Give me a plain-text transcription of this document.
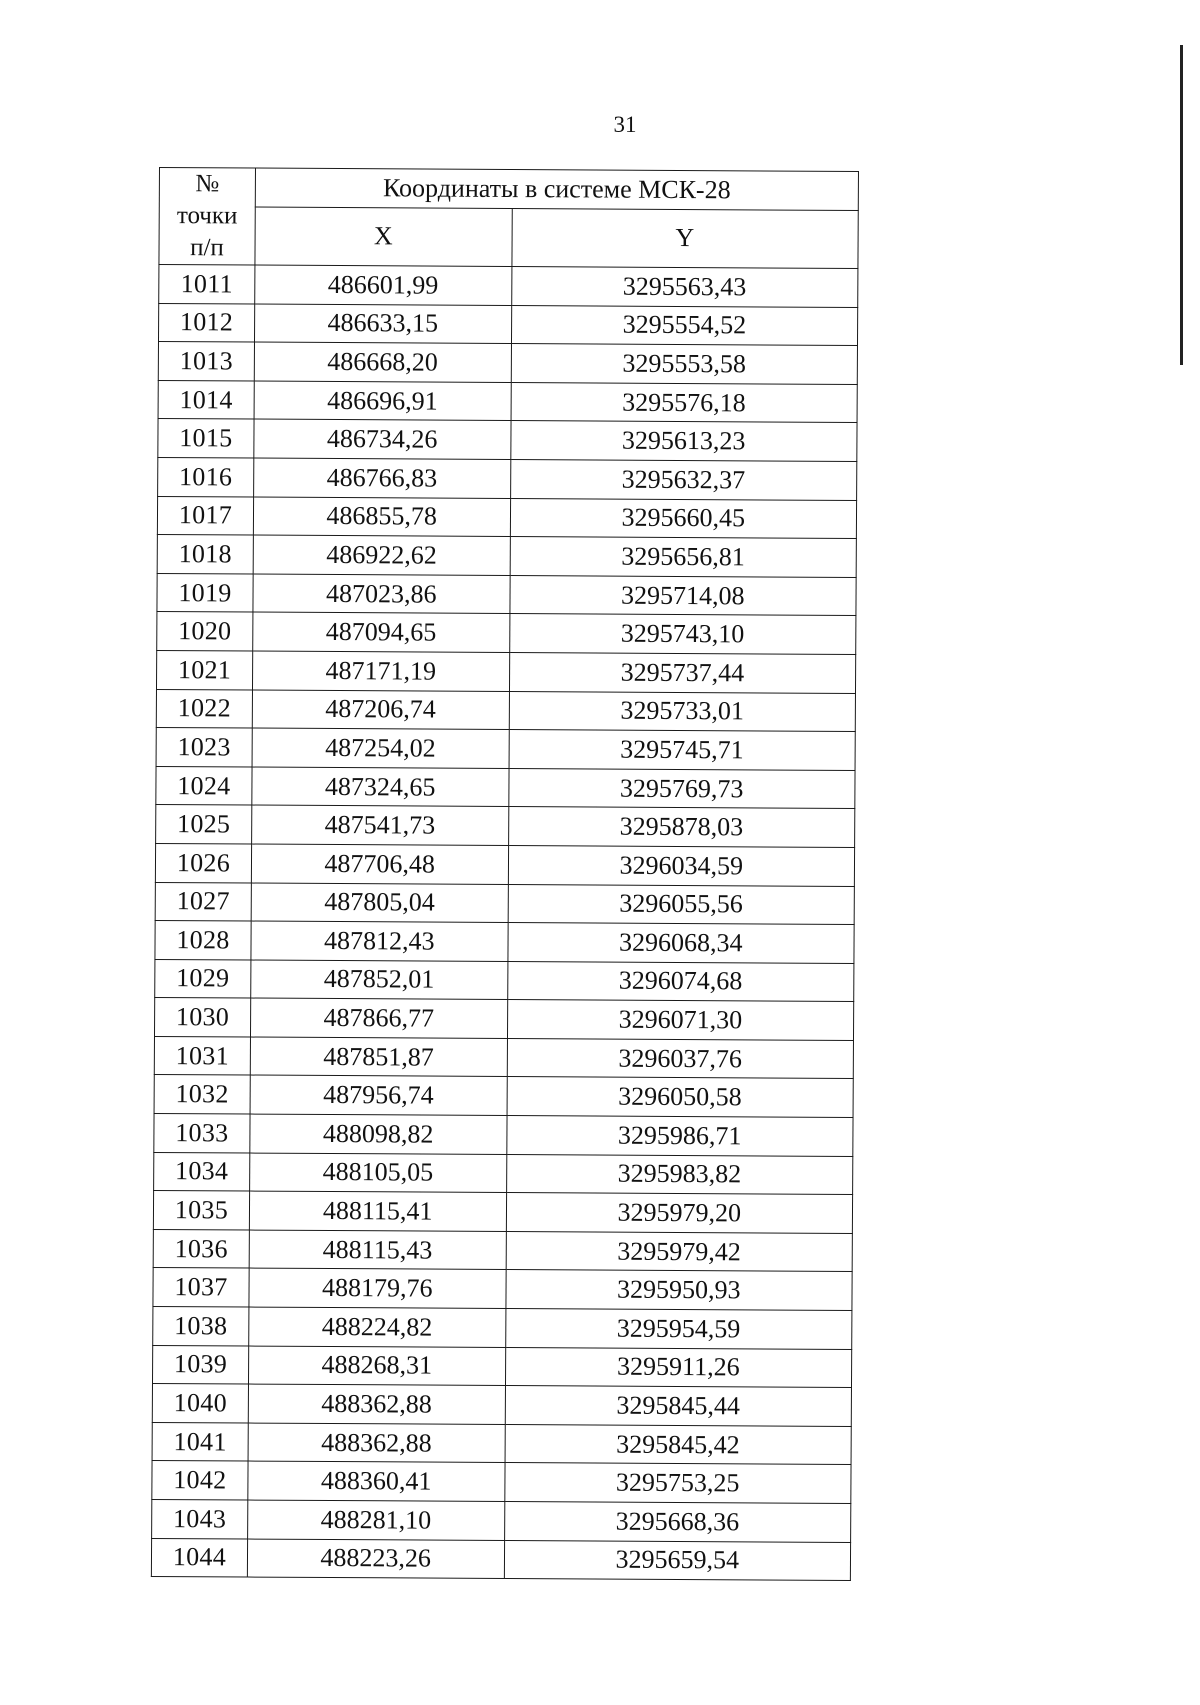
31
№
точки
п/п	Координаты в системе МСК-28	
	X	Y
1011	486601,99	3295563,43
1012	486633,15	3295554,52
1013	486668,20	3295553,58
1014	486696,91	3295576,18
1015	486734,26	3295613,23
1016	486766,83	3295632,37
1017	486855,78	3295660,45
1018	486922,62	3295656,81
1019	487023,86	3295714,08
1020	487094,65	3295743,10
1021	487171,19	3295737,44
1022	487206,74	3295733,01
1023	487254,02	3295745,71
1024	487324,65	3295769,73
1025	487541,73	3295878,03
1026	487706,48	3296034,59
1027	487805,04	3296055,56
1028	487812,43	3296068,34
1029	487852,01	3296074,68
1030	487866,77	3296071,30
1031	487851,87	3296037,76
1032	487956,74	3296050,58
1033	488098,82	3295986,71
1034	488105,05	3295983,82
1035	488115,41	3295979,20
1036	488115,43	3295979,42
1037	488179,76	3295950,93
1038	488224,82	3295954,59
1039	488268,31	3295911,26
1040	488362,88	3295845,44
1041	488362,88	3295845,42
1042	488360,41	3295753,25
1043	488281,10	3295668,36
1044	488223,26	3295659,54
